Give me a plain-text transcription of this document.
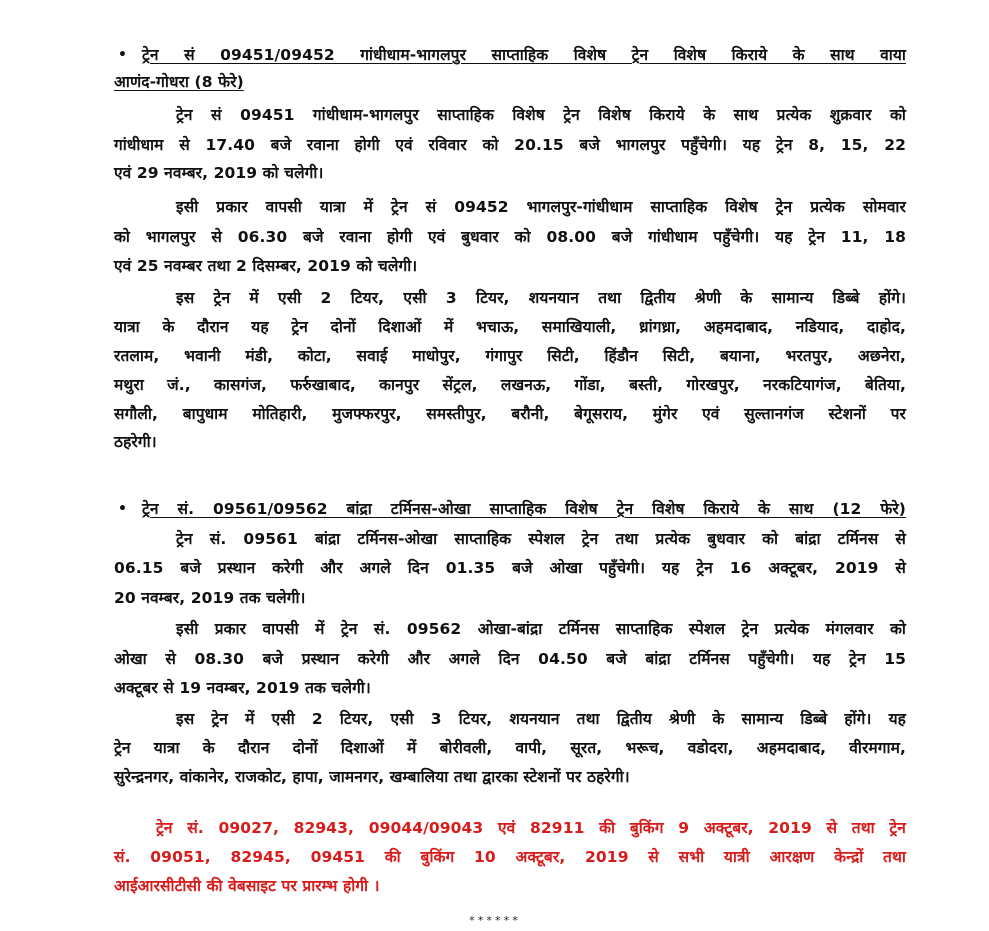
• ट्रेन सं 09451/09452 गांधीधाम-भागलपुर साप्ताहिक विशेष ट्रेन विशेष किराये के साथ वाया
आणंद-गोधरा (8 फेरे)
ट्रेन सं 09451 गांधीधाम-भागलपुर साप्ताहिक विशेष ट्रेन विशेष किराये के साथ प्रत्येक शुक्रवार को
गांधीधाम से 17.40 बजे रवाना होगी एवं रविवार को 20.15 बजे भागलपुर पहुँचेगी। यह ट्रेन 8, 15, 22
एवं 29 नवम्बर, 2019 को चलेगी।
इसी प्रकार वापसी यात्रा में ट्रेन सं 09452 भागलपुर-गांधीधाम साप्ताहिक विशेष ट्रेन प्रत्येक सोमवार
को भागलपुर से 06.30 बजे रवाना होगी एवं बुधवार को 08.00 बजे गांधीधाम पहुँचेगी। यह ट्रेन 11, 18
एवं 25 नवम्बर तथा 2 दिसम्बर, 2019 को चलेगी।
इस ट्रेन में एसी 2 टियर, एसी 3 टियर, शयनयान तथा द्वितीय श्रेणी के सामान्य डिब्बे होंगे।
यात्रा के दौरान यह ट्रेन दोनों दिशाओं में भचाऊ, समाखियाली, ध्रांगध्रा, अहमदाबाद, नडियाद, दाहोद,
रतलाम, भवानी मंडी, कोटा, सवाई माधोपुर, गंगापुर सिटी, हिंडौन सिटी, बयाना, भरतपुर, अछनेरा,
मथुरा जं., कासगंज, फर्रुखाबाद, कानपुर सेंट्रल, लखनऊ, गोंडा, बस्ती, गोरखपुर, नरकटियागंज, बेतिया,
सगौली, बापुधाम मोतिहारी, मुजफ्फरपुर, समस्तीपुर, बरौनी, बेगूसराय, मुंगेर एवं सुल्तानगंज स्टेशनों पर
ठहरेगी।
• ट्रेन सं. 09561/09562 बांद्रा टर्मिनस-ओखा साप्ताहिक विशेष ट्रेन विशेष किराये के साथ (12 फेरे)
ट्रेन सं. 09561 बांद्रा टर्मिनस-ओखा साप्ताहिक स्पेशल ट्रेन तथा प्रत्येक बुधवार को बांद्रा टर्मिनस से
06.15 बजे प्रस्थान करेगी और अगले दिन 01.35 बजे ओखा पहुँचेगी। यह ट्रेन 16 अक्टूबर, 2019 से
20 नवम्बर, 2019 तक चलेगी।
इसी प्रकार वापसी में ट्रेन सं. 09562 ओखा-बांद्रा टर्मिनस साप्ताहिक स्पेशल ट्रेन प्रत्येक मंगलवार को
ओखा से 08.30 बजे प्रस्थान करेगी और अगले दिन 04.50 बजे बांद्रा टर्मिनस पहुँचेगी। यह ट्रेन 15
अक्टूबर से 19 नवम्बर, 2019 तक चलेगी।
इस ट्रेन में एसी 2 टियर, एसी 3 टियर, शयनयान तथा द्वितीय श्रेणी के सामान्य डिब्बे होंगे। यह
ट्रेन यात्रा के दौरान दोनों दिशाओं में बोरीवली, वापी, सूरत, भरूच, वडोदरा, अहमदाबाद, वीरमगाम,
सुरेन्द्रनगर, वांकानेर, राजकोट, हापा, जामनगर, खम्बालिया तथा द्वारका स्टेशनों पर ठहरेगी।
ट्रेन सं. 09027, 82943, 09044/09043 एवं 82911 की बुकिंग 9 अक्टूबर, 2019 से तथा ट्रेन
सं. 09051, 82945, 09451 की बुकिंग 10 अक्टूबर, 2019 से सभी यात्री आरक्षण केन्द्रों तथा
आईआरसीटीसी की वेबसाइट पर प्रारम्भ होगी ।
******
